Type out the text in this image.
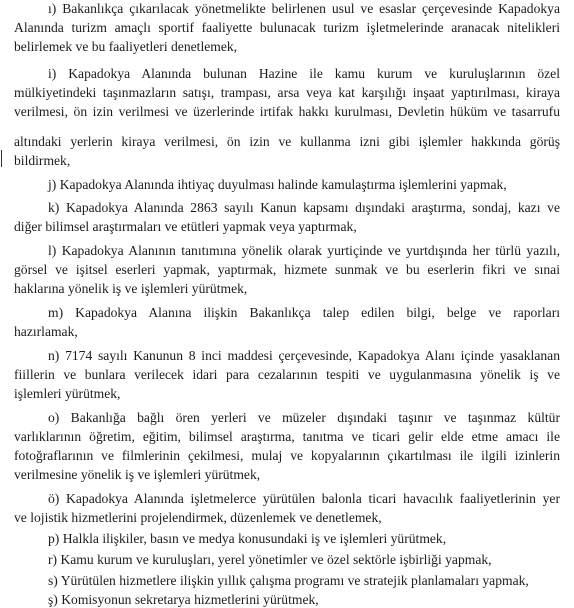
ı) Bakanlıkça çıkarılacak yönetmelikte belirlenen usul ve esaslar çerçevesinde Kapadokya

Alanında turizm amaçlı sportif faaliyette bulunacak turizm işletmelerinde aranacak nitelikleri

belirlemek ve bu faaliyetleri denetlemek,

i) Kapadokya Alanında bulunan Hazine ile kamu kurum ve kuruluşlarının özel

mülkiyetindeki taşınmazların satışı, trampası, arsa veya kat karşılığı inşaat yaptırılması, kiraya

verilmesi, ön izin verilmesi ve üzerlerinde irtifak hakkı kurulması, Devletin hüküm ve tasarrufu

altındaki yerlerin kiraya verilmesi, ön izin ve kullanma izni gibi işlemler hakkında görüş

bildirmek,

j) Kapadokya Alanında ihtiyaç duyulması halinde kamulaştırma işlemlerini yapmak,

k) Kapadokya Alanında 2863 sayılı Kanun kapsamı dışındaki araştırma, sondaj, kazı ve

diğer bilimsel araştırmaları ve etütleri yapmak veya yaptırmak,

l) Kapadokya Alanının tanıtımına yönelik olarak yurtiçinde ve yurtdışında her türlü yazılı,

görsel ve işitsel eserleri yapmak, yaptırmak, hizmete sunmak ve bu eserlerin fikri ve sınai

haklarına yönelik iş ve işlemleri yürütmek,

m) Kapadokya Alanına ilişkin Bakanlıkça talep edilen bilgi, belge ve raporları

hazırlamak,

n) 7174 sayılı Kanunun 8 inci maddesi çerçevesinde, Kapadokya Alanı içinde yasaklanan

fiillerin ve bunlara verilecek idari para cezalarının tespiti ve uygulanmasına yönelik iş ve

işlemleri yürütmek,

o) Bakanlığa bağlı ören yerleri ve müzeler dışındaki taşınır ve taşınmaz kültür

varlıklarının öğretim, eğitim, bilimsel araştırma, tanıtma ve ticari gelir elde etme amacı ile

fotoğraflarının ve filmlerinin çekilmesi, mulaj ve kopyalarının çıkartılması ile ilgili izinlerin

verilmesine yönelik iş ve işlemleri yürütmek,

ö) Kapadokya Alanında işletmelerce yürütülen balonla ticari havacılık faaliyetlerinin yer

ve lojistik hizmetlerini projelendirmek, düzenlemek ve denetlemek,

p) Halkla ilişkiler, basın ve medya konusundaki iş ve işlemleri yürütmek,

r) Kamu kurum ve kuruluşları, yerel yönetimler ve özel sektörle işbirliği yapmak,

s) Yürütülen hizmetlere ilişkin yıllık çalışma programı ve stratejik planlamaları yapmak,

ş) Komisyonun sekretarya hizmetlerini yürütmek,
